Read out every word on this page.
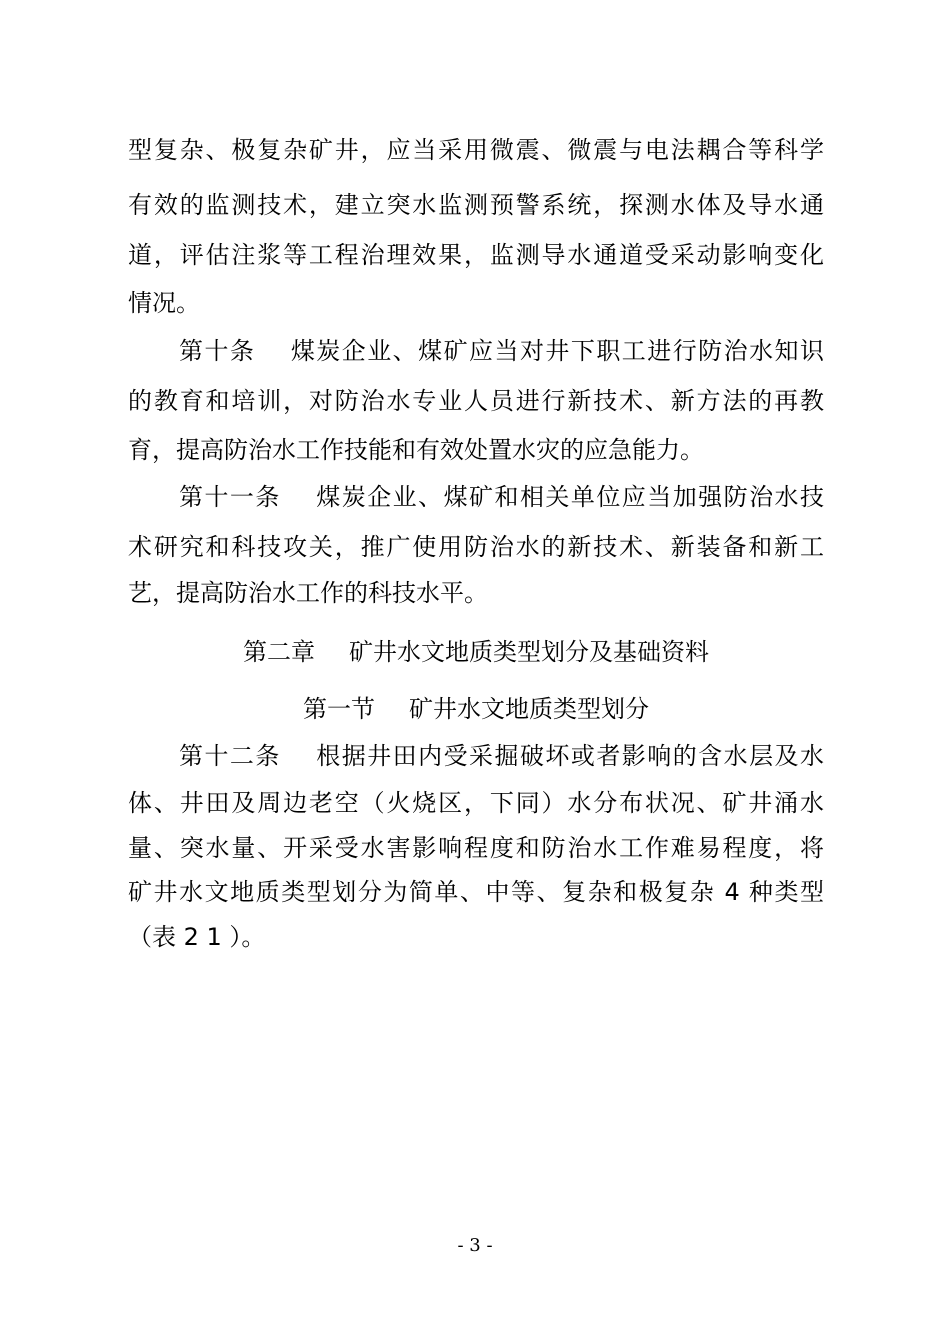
型复杂、极复杂矿井，应当采用微震、微震与电法耦合等科学
有效的监测技术，建立突水监测预警系统，探测水体及导水通
道，评估注浆等工程治理效果，监测导水通道受采动影响变化
情况。
第十条 煤炭企业、煤矿应当对井下职工进行防治水知识
的教育和培训，对防治水专业人员进行新技术、新方法的再教
育，提高防治水工作技能和有效处置水灾的应急能力。
第十一条 煤炭企业、煤矿和相关单位应当加强防治水技
术研究和科技攻关，推广使用防治水的新技术、新装备和新工
艺，提高防治水工作的科技水平。
第二章 矿井水文地质类型划分及基础资料
第一节 矿井水文地质类型划分
第十二条 根据井田内受采掘破坏或者影响的含水层及水
体、井田及周边老空（火烧区，下同）水分布状况、矿井涌水
量、突水量、开采受水害影响程度和防治水工作难易程度，将
矿井水文地质类型划分为简单、中等、复杂和极复杂 4 种类型
（表 2 1 ）。
- 3 -
